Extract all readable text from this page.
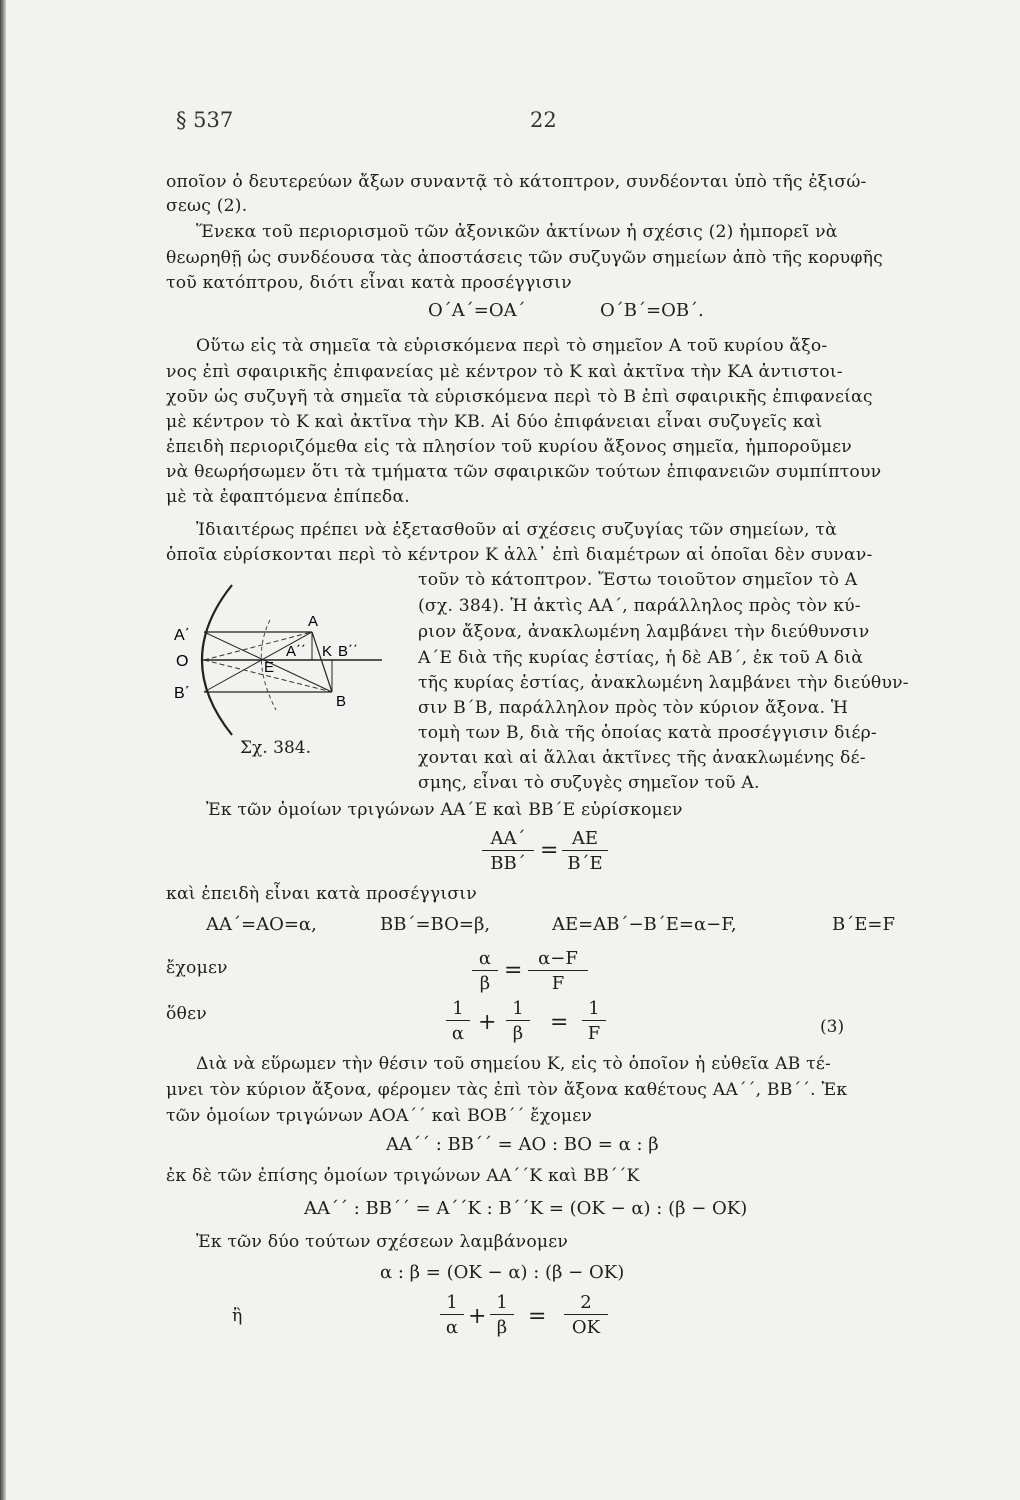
§ 537	22
οποῖον ὁ δευτερεύων ἄξων συναντᾷ τὸ κάτοπτρον, συνδέονται ὑπὸ τῆς ἐξισώ-
σεως (2).
Ἕνεκα τοῦ περιορισμοῦ τῶν ἀξονικῶν ἀκτίνων ἡ σχέσις (2) ἠμπορεῖ νὰ
θεωρηθῇ ὡς συνδέουσα τὰς ἀποστάσεις τῶν συζυγῶν σημείων ἀπὸ τῆς κορυφῆς
τοῦ κατόπτρου, διότι εἶναι κατὰ προσέγγισιν
O΄A΄=OA΄	O΄B΄=OB΄.
Οὕτω εἰς τὰ σημεῖα τὰ εὑρισκόμενα περὶ τὸ σημεῖον Α τοῦ κυρίου ἄξο-
νος ἐπὶ σφαιρικῆς ἐπιφανείας μὲ κέντρον τὸ Κ καὶ ἀκτῖνα τὴν ΚΑ ἀντιστοι-
χοῦν ὡς συζυγῆ τὰ σημεῖα τὰ εὑρισκόμενα περὶ τὸ Β ἐπὶ σφαιρικῆς ἐπιφανείας
μὲ κέντρον τὸ Κ καὶ ἀκτῖνα τὴν ΚΒ. Αἱ δύο ἐπιφάνειαι εἶναι συζυγεῖς καὶ
ἐπειδὴ περιοριζόμεθα εἰς τὰ πλησίον τοῦ κυρίου ἄξονος σημεῖα, ἠμποροῦμεν
νὰ θεωρήσωμεν ὅτι τὰ τμήματα τῶν σφαιρικῶν τούτων ἐπιφανειῶν συμπίπτουν
μὲ τὰ ἐφαπτόμενα ἐπίπεδα.
Ἰδιαιτέρως πρέπει νὰ ἐξετασθοῦν αἱ σχέσεις συζυγίας τῶν σημείων, τὰ
ὁποῖα εὑρίσκονται περὶ τὸ κέντρον Κ ἀλλ᾽ ἐπὶ διαμέτρων αἱ ὁποῖαι δὲν συναν-
τοῦν τὸ κάτοπτρον. Ἔστω τοιοῦτον σημεῖον τὸ Α
(σχ. 384). Ἡ ἀκτὶς ΑΑ΄, παράλληλος πρὸς τὸν κύ-
ριον ἄξονα, ἀνακλωμένη λαμβάνει τὴν διεύθυνσιν
Α΄Ε διὰ τῆς κυρίας ἑστίας, ἡ δὲ ΑΒ΄, ἐκ τοῦ Α διὰ
τῆς κυρίας ἑστίας, ἀνακλωμένη λαμβάνει τὴν διεύθυν-
σιν Β΄Β, παράλληλον πρὸς τὸν κύριον ἄξονα. Ἡ
τομὴ των Β, διὰ τῆς ὁποίας κατὰ προσέγγισιν διέρ-
χονται καὶ αἱ ἄλλαι ἀκτῖνες τῆς ἀνακλωμένης δέ-
σμης, εἶναι τὸ συζυγὲς σημεῖον τοῦ Α.
A΄
O
B΄
A
E
A΄΄ K B΄΄
B
Σχ. 384.
Ἐκ τῶν ὁμοίων τριγώνων ΑΑ΄Ε καὶ ΒΒ΄Ε εὑρίσκομεν
$\frac{AA΄}{BB΄} = \frac{AE}{B΄E}$
καὶ ἐπειδὴ εἶναι κατὰ προσέγγισιν
AA΄=AO=α,	BB΄=BO=β,	AE=AB΄−B΄E=α−F,	B΄E=F
ἔχομεν	$\frac{\alpha}{\beta} = \frac{\alpha-F}{F}$
ὅθεν	$\frac{1}{\alpha} + \frac{1}{\beta} = \frac{1}{F}$	(3)
Διὰ νὰ εὕρωμεν τὴν θέσιν τοῦ σημείου Κ, εἰς τὸ ὁποῖον ἡ εὐθεῖα ΑΒ τέ-
μνει τὸν κύριον ἄξονα, φέρομεν τὰς ἐπὶ τὸν ἄξονα καθέτους ΑΑ΄΄, ΒΒ΄΄. Ἐκ
τῶν ὁμοίων τριγώνων ΑΟΑ΄΄ καὶ ΒΟΒ΄΄ ἔχομεν
AA΄΄ : BB΄΄ = AO : BO = α : β
ἐκ δὲ τῶν ἐπίσης ὁμοίων τριγώνων ΑΑ΄΄Κ καὶ ΒΒ΄΄Κ
AA΄΄ : BB΄΄ = A΄΄K : B΄΄K = (OK − α) : (β − OK)
Ἐκ τῶν δύο τούτων σχέσεων λαμβάνομεν
α : β = (OK − α) : (β − OK)
ἢ	$\frac{1}{\alpha} + \frac{1}{\beta} = \frac{2}{OK}$
